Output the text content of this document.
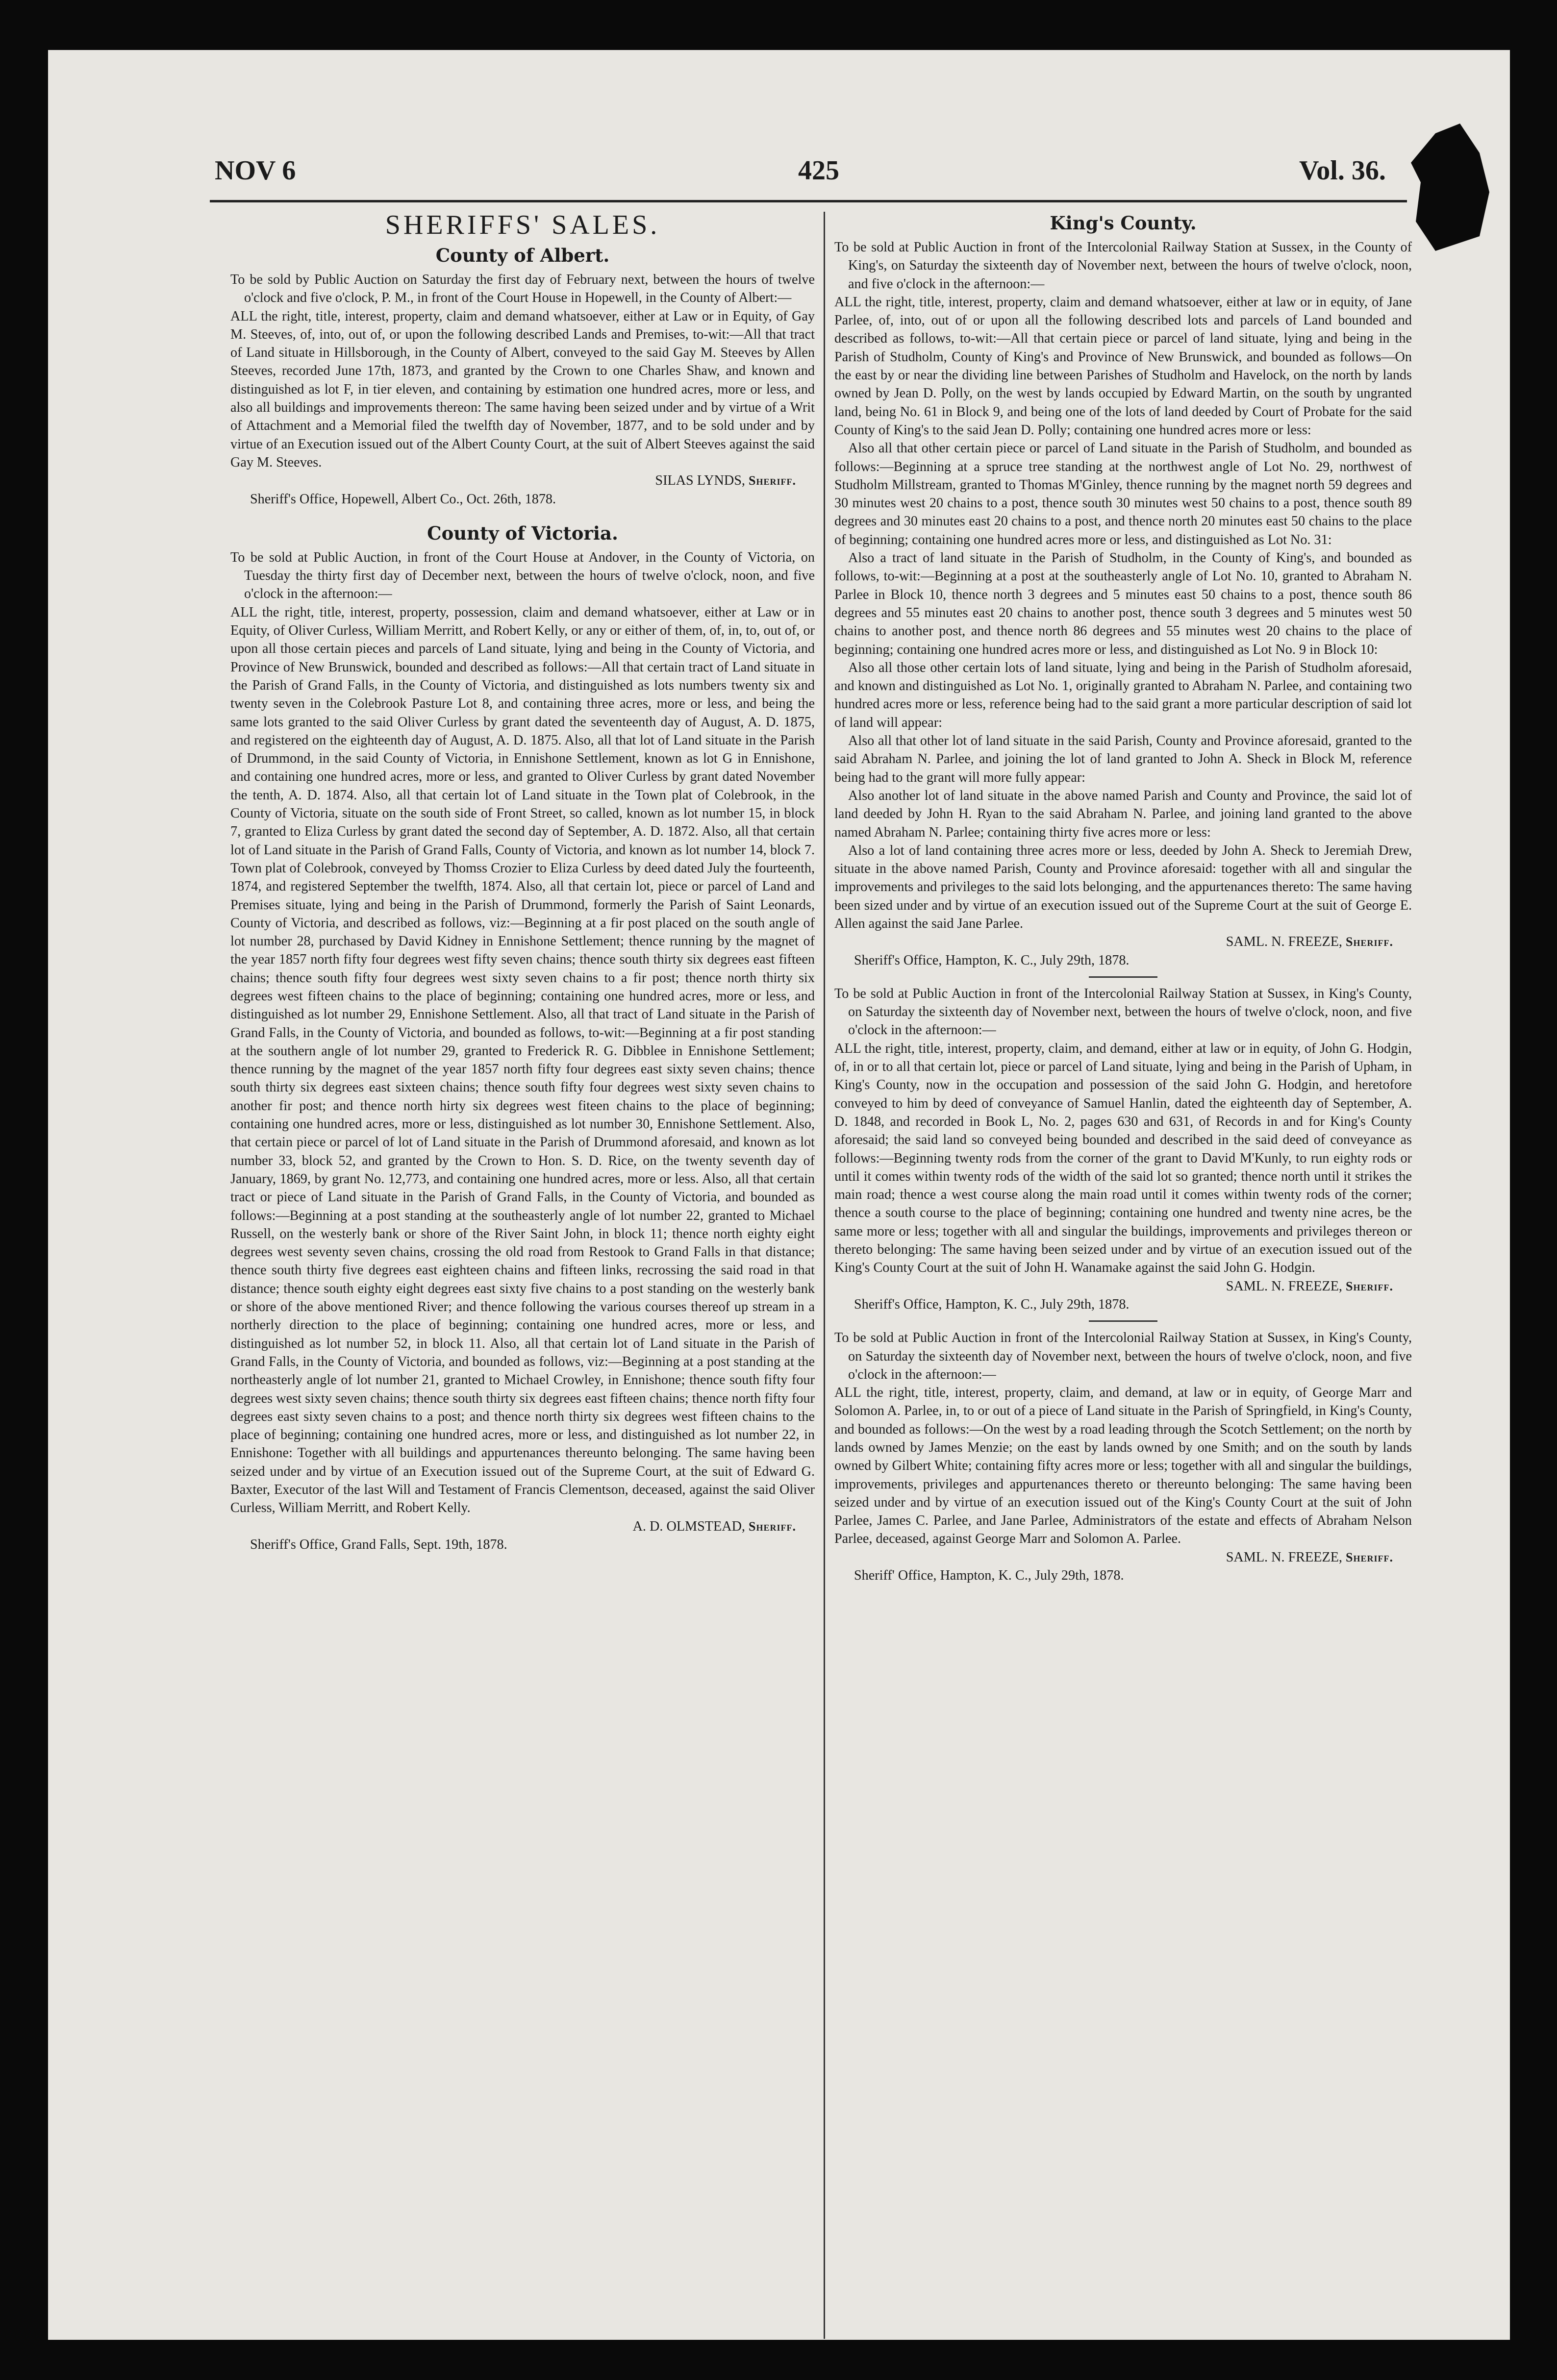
NOV 6	425	Vol. 36.
SHERIFFS' SALES.
County of Albert.

To be sold by Public Auction on Saturday the first day of February next, between the hours of twelve o'clock and five o'clock, P. M., in front of the Court House in Hopewell, in the County of Albert:—

ALL the right, title, interest, property, claim and demand whatsoever, either at Law or in Equity, of Gay M. Steeves, of, into, out of, or upon the following described Lands and Premises, to-wit:—All that tract of Land situate in Hillsborough, in the County of Albert, conveyed to the said Gay M. Steeves by Allen Steeves, recorded June 17th, 1873, and granted by the Crown to one Charles Shaw, and known and distinguished as lot F, in tier eleven, and containing by estimation one hundred acres, more or less, and also all buildings and improvements thereon: The same having been seized under and by virtue of a Writ of Attachment and a Memorial filed the twelfth day of November, 1877, and to be sold under and by virtue of an Execution issued out of the Albert County Court, at the suit of Albert Steeves against the said Gay M. Steeves.

SILAS LYNDS, Sheriff.

Sheriff's Office, Hopewell, Albert Co., Oct. 26th, 1878.

County of Victoria.

To be sold at Public Auction, in front of the Court House at Andover, in the County of Victoria, on Tuesday the thirty first day of December next, between the hours of twelve o'clock, noon, and five o'clock in the afternoon:—

ALL the right, title, interest, property, possession, claim and demand whatsoever, either at Law or in Equity, of Oliver Curless, William Merritt, and Robert Kelly, or any or either of them, of, in, to, out of, or upon all those certain pieces and parcels of Land situate, lying and being in the County of Victoria, and Province of New Brunswick, bounded and described as follows:—All that certain tract of Land situate in the Parish of Grand Falls, in the County of Victoria, and distinguished as lots numbers twenty six and twenty seven in the Colebrook Pasture Lot 8, and containing three acres, more or less, and being the same lots granted to the said Oliver Curless by grant dated the seventeenth day of August, A. D. 1875, and registered on the eighteenth day of August, A. D. 1875. Also, all that lot of Land situate in the Parish of Drummond, in the said County of Victoria, in Ennishone Settlement, known as lot G in Ennishone, and containing one hundred acres, more or less, and granted to Oliver Curless by grant dated November the tenth, A. D. 1874. Also, all that certain lot of Land situate in the Town plat of Colebrook, in the County of Victoria, situate on the south side of Front Street, so called, known as lot number 15, in block 7, granted to Eliza Curless by grant dated the second day of September, A. D. 1872. Also, all that certain lot of Land situate in the Parish of Grand Falls, County of Victoria, and known as lot number 14, block 7. Town plat of Colebrook, conveyed by Thomss Crozier to Eliza Curless by deed dated July the fourteenth, 1874, and registered September the twelfth, 1874. Also, all that certain lot, piece or parcel of Land and Premises situate, lying and being in the Parish of Drummond, formerly the Parish of Saint Leonards, County of Victoria, and described as follows, viz:—Beginning at a fir post placed on the south angle of lot number 28, purchased by David Kidney in Ennishone Settlement; thence running by the magnet of the year 1857 north fifty four degrees west fifty seven chains; thence south thirty six degrees east fifteen chains; thence south fifty four degrees west sixty seven chains to a fir post; thence north thirty six degrees west fifteen chains to the place of beginning; containing one hundred acres, more or less, and distinguished as lot number 29, Ennishone Settlement. Also, all that tract of Land situate in the Parish of Grand Falls, in the County of Victoria, and bounded as follows, to-wit:—Beginning at a fir post standing at the southern angle of lot number 29, granted to Frederick R. G. Dibblee in Ennishone Settlement; thence running by the magnet of the year 1857 north fifty four degrees east sixty seven chains; thence south thirty six degrees east sixteen chains; thence south fifty four degrees west sixty seven chains to another fir post; and thence north hirty six degrees west fiteen chains to the place of beginning; containing one hundred acres, more or less, distinguished as lot number 30, Ennishone Settlement. Also, that certain piece or parcel of lot of Land situate in the Parish of Drummond aforesaid, and known as lot number 33, block 52, and granted by the Crown to Hon. S. D. Rice, on the twenty seventh day of January, 1869, by grant No. 12,773, and containing one hundred acres, more or less. Also, all that certain tract or piece of Land situate in the Parish of Grand Falls, in the County of Victoria, and bounded as follows:—Beginning at a post standing at the southeasterly angle of lot number 22, granted to Michael Russell, on the westerly bank or shore of the River Saint John, in block 11; thence north eighty eight degrees west seventy seven chains, crossing the old road from Restook to Grand Falls in that distance; thence south thirty five degrees east eighteen chains and fifteen links, recrossing the said road in that distance; thence south eighty eight degrees east sixty five chains to a post standing on the westerly bank or shore of the above mentioned River; and thence following the various courses thereof up stream in a northerly direction to the place of beginning; containing one hundred acres, more or less, and distinguished as lot number 52, in block 11. Also, all that certain lot of Land situate in the Parish of Grand Falls, in the County of Victoria, and bounded as follows, viz:—Beginning at a post standing at the northeasterly angle of lot number 21, granted to Michael Crowley, in Ennishone; thence south fifty four degrees west sixty seven chains; thence south thirty six degrees east fifteen chains; thence north fifty four degrees east sixty seven chains to a post; and thence north thirty six degrees west fifteen chains to the place of beginning; containing one hundred acres, more or less, and distinguished as lot number 22, in Ennishone: Together with all buildings and appurtenances thereunto belonging. The same having been seized under and by virtue of an Execution issued out of the Supreme Court, at the suit of Edward G. Baxter, Executor of the last Will and Testament of Francis Clementson, deceased, against the said Oliver Curless, William Merritt, and Robert Kelly.

A. D. OLMSTEAD, Sheriff.

Sheriff's Office, Grand Falls, Sept. 19th, 1878.

King's County.

To be sold at Public Auction in front of the Intercolonial Railway Station at Sussex, in the County of King's, on Saturday the sixteenth day of November next, between the hours of twelve o'clock, noon, and five o'clock in the afternoon:—

ALL the right, title, interest, property, claim and demand whatsoever, either at law or in equity, of Jane Parlee, of, into, out of or upon all the following described lots and parcels of Land bounded and described as follows, to-wit:—All that certain piece or parcel of land situate, lying and being in the Parish of Studholm, County of King's and Province of New Brunswick, and bounded as follows—On the east by or near the dividing line between Parishes of Studholm and Havelock, on the north by lands owned by Jean D. Polly, on the west by lands occupied by Edward Martin, on the south by ungranted land, being No. 61 in Block 9, and being one of the lots of land deeded by Court of Probate for the said County of King's to the said Jean D. Polly; containing one hundred acres more or less:

Also all that other certain piece or parcel of Land situate in the Parish of Studholm, and bounded as follows:—Beginning at a spruce tree standing at the northwest angle of Lot No. 29, northwest of Studholm Millstream, granted to Thomas M'Ginley, thence running by the magnet north 59 degrees and 30 minutes west 20 chains to a post, thence south 30 minutes west 50 chains to a post, thence south 89 degrees and 30 minutes east 20 chains to a post, and thence north 20 minutes east 50 chains to the place of beginning; containing one hundred acres more or less, and distinguished as Lot No. 31:

Also a tract of land situate in the Parish of Studholm, in the County of King's, and bounded as follows, to-wit:—Beginning at a post at the southeasterly angle of Lot No. 10, granted to Abraham N. Parlee in Block 10, thence north 3 degrees and 5 minutes east 50 chains to a post, thence south 86 degrees and 55 minutes east 20 chains to another post, thence south 3 degrees and 5 minutes west 50 chains to another post, and thence north 86 degrees and 55 minutes west 20 chains to the place of beginning; containing one hundred acres more or less, and distinguished as Lot No. 9 in Block 10:

Also all those other certain lots of land situate, lying and being in the Parish of Studholm aforesaid, and known and distinguished as Lot No. 1, originally granted to Abraham N. Parlee, and containing two hundred acres more or less, reference being had to the said grant a more particular description of said lot of land will appear:

Also all that other lot of land situate in the said Parish, County and Province aforesaid, granted to the said Abraham N. Parlee, and joining the lot of land granted to John A. Sheck in Block M, reference being had to the grant will more fully appear:

Also another lot of land situate in the above named Parish and County and Province, the said lot of land deeded by John H. Ryan to the said Abraham N. Parlee, and joining land granted to the above named Abraham N. Parlee; containing thirty five acres more or less:

Also a lot of land containing three acres more or less, deeded by John A. Sheck to Jeremiah Drew, situate in the above named Parish, County and Province aforesaid: together with all and singular the improvements and privileges to the said lots belonging, and the appurtenances thereto: The same having been sized under and by virtue of an execution issued out of the Supreme Court at the suit of George E. Allen against the said Jane Parlee.

SAML. N. FREEZE, Sheriff.

Sheriff's Office, Hampton, K. C., July 29th, 1878.

To be sold at Public Auction in front of the Intercolonial Railway Station at Sussex, in King's County, on Saturday the sixteenth day of November next, between the hours of twelve o'clock, noon, and five o'clock in the afternoon:—

ALL the right, title, interest, property, claim, and demand, either at law or in equity, of John G. Hodgin, of, in or to all that certain lot, piece or parcel of Land situate, lying and being in the Parish of Upham, in King's County, now in the occupation and possession of the said John G. Hodgin, and heretofore conveyed to him by deed of conveyance of Samuel Hanlin, dated the eighteenth day of September, A. D. 1848, and recorded in Book L, No. 2, pages 630 and 631, of Records in and for King's County aforesaid; the said land so conveyed being bounded and described in the said deed of conveyance as follows:—Beginning twenty rods from the corner of the grant to David M'Kunly, to run eighty rods or until it comes within twenty rods of the width of the said lot so granted; thence north until it strikes the main road; thence a west course along the main road until it comes within twenty rods of the corner; thence a south course to the place of beginning; containing one hundred and twenty nine acres, be the same more or less; together with all and singular the buildings, improvements and privileges thereon or thereto belonging: The same having been seized under and by virtue of an execution issued out of the King's County Court at the suit of John H. Wanamake against the said John G. Hodgin.

SAML. N. FREEZE, Sheriff.

Sheriff's Office, Hampton, K. C., July 29th, 1878.

To be sold at Public Auction in front of the Intercolonial Railway Station at Sussex, in King's County, on Saturday the sixteenth day of November next, between the hours of twelve o'clock, noon, and five o'clock in the afternoon:—

ALL the right, title, interest, property, claim, and demand, at law or in equity, of George Marr and Solomon A. Parlee, in, to or out of a piece of Land situate in the Parish of Springfield, in King's County, and bounded as follows:—On the west by a road leading through the Scotch Settlement; on the north by lands owned by James Menzie; on the east by lands owned by one Smith; and on the south by lands owned by Gilbert White; containing fifty acres more or less; together with all and singular the buildings, improvements, privileges and appurtenances thereto or thereunto belonging: The same having been seized under and by virtue of an execution issued out of the King's County Court at the suit of John Parlee, James C. Parlee, and Jane Parlee, Administrators of the estate and effects of Abraham Nelson Parlee, deceased, against George Marr and Solomon A. Parlee.

SAML. N. FREEZE, Sheriff.

Sheriff' Office, Hampton, K. C., July 29th, 1878.
